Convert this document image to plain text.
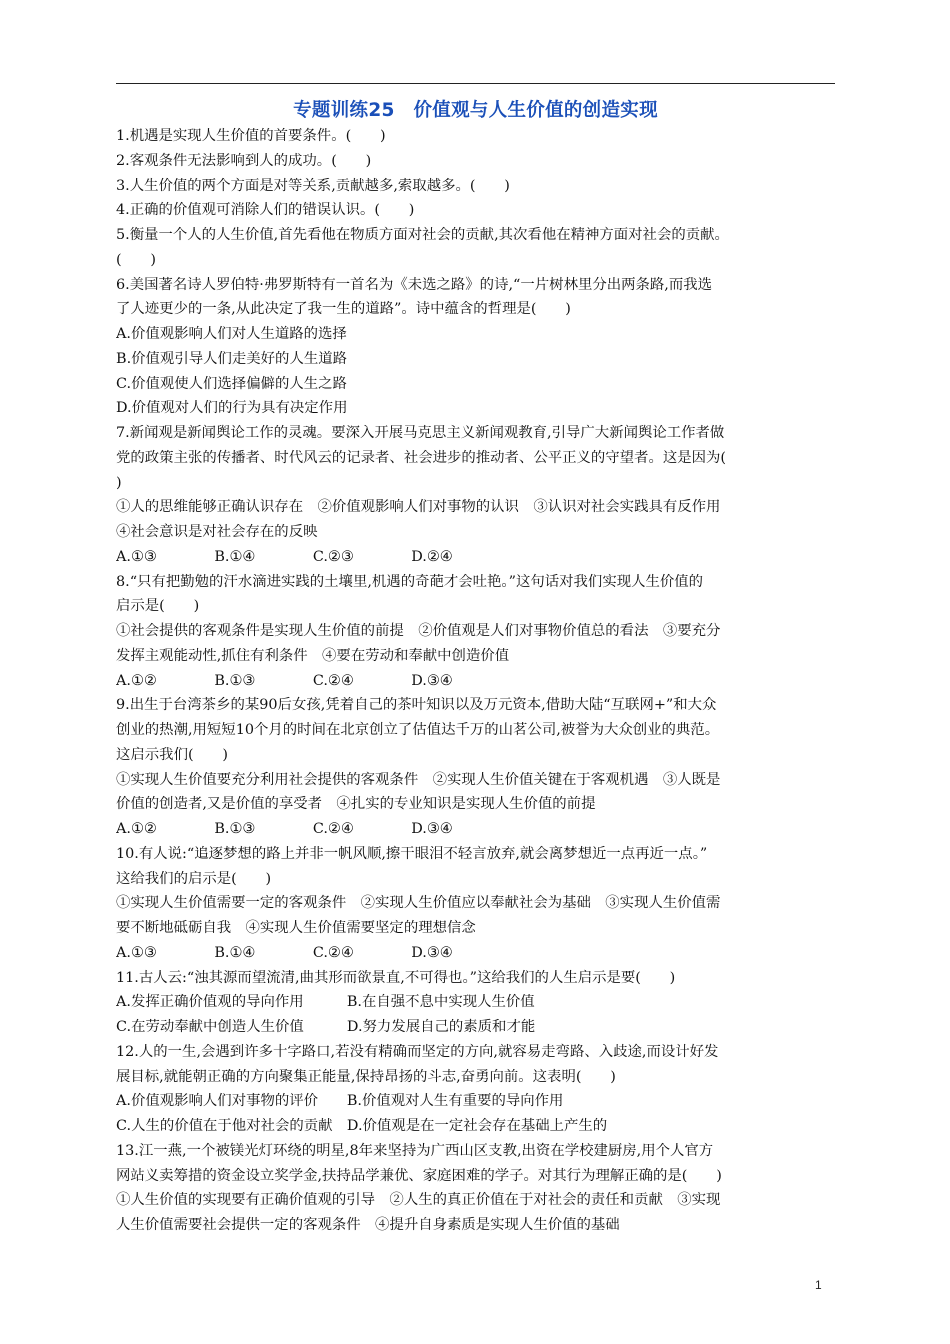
专题训练25　价值观与人生价值的创造实现
1.机遇是实现人生价值的首要条件。(　　)
2.客观条件无法影响到人的成功。(　　)
3.人生价值的两个方面是对等关系,贡献越多,索取越多。(　　)
4.正确的价值观可消除人们的错误认识。(　　)
5.衡量一个人的人生价值,首先看他在物质方面对社会的贡献,其次看他在精神方面对社会的贡献。
(　　)
6.美国著名诗人罗伯特·弗罗斯特有一首名为《未选之路》的诗,“一片树林里分出两条路,而我选
了人迹更少的一条,从此决定了我一生的道路”。诗中蕴含的哲理是(　　)
A.价值观影响人们对人生道路的选择
B.价值观引导人们走美好的人生道路
C.价值观使人们选择偏僻的人生之路
D.价值观对人们的行为具有决定作用
7.新闻观是新闻舆论工作的灵魂。要深入开展马克思主义新闻观教育,引导广大新闻舆论工作者做
党的政策主张的传播者、时代风云的记录者、社会进步的推动者、公平正义的守望者。这是因为(
)
①人的思维能够正确认识存在　②价值观影响人们对事物的认识　③认识对社会实践具有反作用
④社会意识是对社会存在的反映
A.①③　　　　B.①④　　　　C.②③　　　　D.②④
8.“只有把勤勉的汗水滴进实践的土壤里,机遇的奇葩才会吐艳。”这句话对我们实现人生价值的
启示是(　　)
①社会提供的客观条件是实现人生价值的前提　②价值观是人们对事物价值总的看法　③要充分
发挥主观能动性,抓住有利条件　④要在劳动和奉献中创造价值
A.①②　　　　B.①③　　　　C.②④　　　　D.③④
9.出生于台湾茶乡的某90后女孩,凭着自己的茶叶知识以及万元资本,借助大陆“互联网+”和大众
创业的热潮,用短短10个月的时间在北京创立了估值达千万的山茗公司,被誉为大众创业的典范。
这启示我们(　　)
①实现人生价值要充分利用社会提供的客观条件　②实现人生价值关键在于客观机遇　③人既是
价值的创造者,又是价值的享受者　④扎实的专业知识是实现人生价值的前提
A.①②　　　　B.①③　　　　C.②④　　　　D.③④
10.有人说:“追逐梦想的路上并非一帆风顺,擦干眼泪不轻言放弃,就会离梦想近一点再近一点。”
这给我们的启示是(　　)
①实现人生价值需要一定的客观条件　②实现人生价值应以奉献社会为基础　③实现人生价值需
要不断地砥砺自我　④实现人生价值需要坚定的理想信念
A.①③　　　　B.①④　　　　C.②④　　　　D.③④
11.古人云:“浊其源而望流清,曲其形而欲景直,不可得也。”这给我们的人生启示是要(　　)
A.发挥正确价值观的导向作用　　　B.在自强不息中实现人生价值
C.在劳动奉献中创造人生价值　　　D.努力发展自己的素质和才能
12.人的一生,会遇到许多十字路口,若没有精确而坚定的方向,就容易走弯路、入歧途,而设计好发
展目标,就能朝正确的方向聚集正能量,保持昂扬的斗志,奋勇向前。这表明(　　)
A.价值观影响人们对事物的评价　　B.价值观对人生有重要的导向作用
C.人生的价值在于他对社会的贡献　D.价值观是在一定社会存在基础上产生的
13.江一燕,一个被镁光灯环绕的明星,8年来坚持为广西山区支教,出资在学校建厨房,用个人官方
网站义卖筹措的资金设立奖学金,扶持品学兼优、家庭困难的学子。对其行为理解正确的是(　　)
①人生价值的实现要有正确价值观的引导　②人生的真正价值在于对社会的责任和贡献　③实现
人生价值需要社会提供一定的客观条件　④提升自身素质是实现人生价值的基础
1
